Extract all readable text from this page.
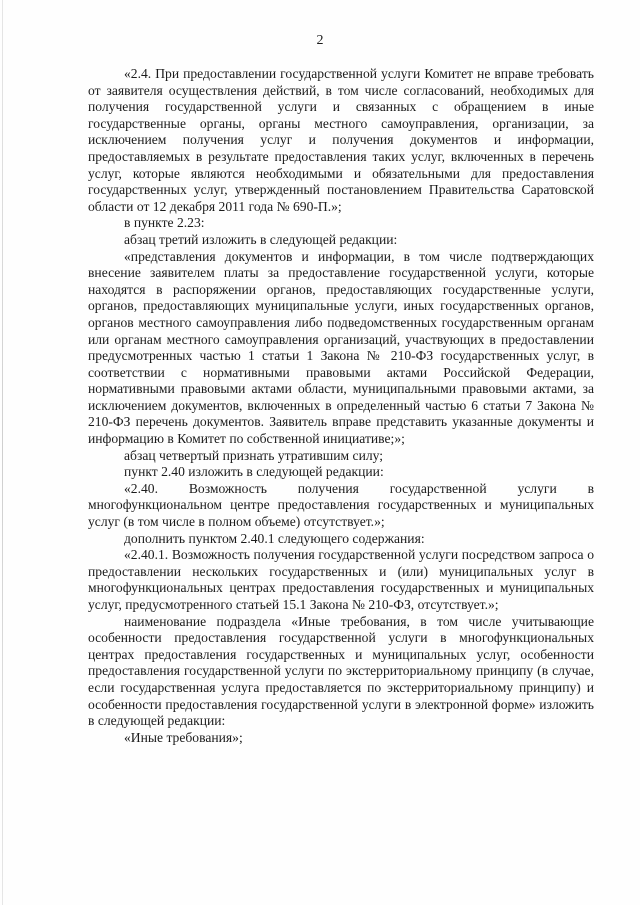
2

«2.4. При предоставлении государственной услуги Комитет не вправе требовать от заявителя осуществления действий, в том числе согласований, необходимых для получения государственной услуги и связанных с обращением в иные государственные органы, органы местного самоуправления, организации, за исключением получения услуг и получения документов и информации, предоставляемых в результате предоставления таких услуг, включенных в перечень услуг, которые являются необходимыми и обязательными для предоставления государственных услуг, утвержденный постановлением Правительства Саратовской области от 12 декабря 2011 года № 690-П.»;

в пункте 2.23:

абзац третий изложить в следующей редакции:

«представления документов и информации, в том числе подтверждающих внесение заявителем платы за предоставление государственной услуги, которые находятся в распоряжении органов, предоставляющих государственные услуги, органов, предоставляющих муниципальные услуги, иных государственных органов, органов местного самоуправления либо подведомственных государственным органам или органам местного самоуправления организаций, участвующих в предоставлении предусмотренных частью 1 статьи 1 Закона № 210-ФЗ государственных услуг, в соответствии с нормативными правовыми актами Российской Федерации, нормативными правовыми актами области, муниципальными правовыми актами, за исключением документов, включенных в определенный частью 6 статьи 7 Закона № 210-ФЗ перечень документов. Заявитель вправе представить указанные документы и информацию в Комитет по собственной инициативе;»;

абзац четвертый признать утратившим силу;

пункт 2.40 изложить в следующей редакции:

«2.40. Возможность получения государственной услуги в многофункциональном центре предоставления государственных и муниципальных услуг (в том числе в полном объеме) отсутствует.»;

дополнить пунктом 2.40.1 следующего содержания:

«2.40.1. Возможность получения государственной услуги посредством запроса о предоставлении нескольких государственных и (или) муниципальных услуг в многофункциональных центрах предоставления государственных и муниципальных услуг, предусмотренного статьей 15.1 Закона № 210-ФЗ, отсутствует.»;

наименование подраздела «Иные требования, в том числе учитывающие особенности предоставления государственной услуги в многофункциональных центрах предоставления государственных и муниципальных услуг, особенности предоставления государственной услуги по экстерриториальному принципу (в случае, если государственная услуга предоставляется по экстерриториальному принципу) и особенности предоставления государственной услуги в электронной форме» изложить в следующей редакции:

«Иные требования»;
